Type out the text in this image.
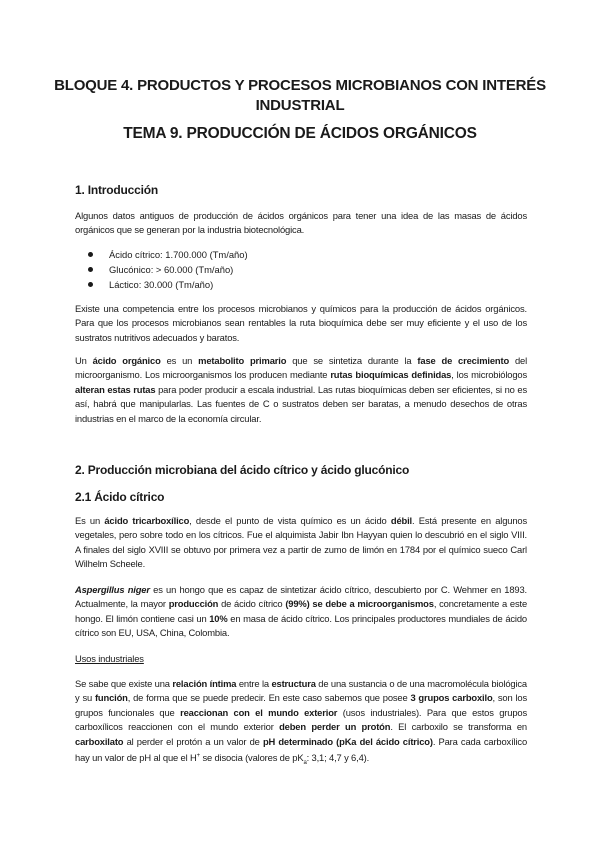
BLOQUE 4. PRODUCTOS Y PROCESOS MICROBIANOS CON INTERÉS INDUSTRIAL
TEMA 9. PRODUCCIÓN DE ÁCIDOS ORGÁNICOS
1. Introducción

Algunos datos antiguos de producción de ácidos orgánicos para tener una idea de las masas de ácidos orgánicos que se generan por la industria biotecnológica.

Ácido cítrico: 1.700.000 (Tm/año)
Glucónico: > 60.000 (Tm/año)
Láctico: 30.000 (Tm/año)

Existe una competencia entre los procesos microbianos y químicos para la producción de ácidos orgánicos. Para que los procesos microbianos sean rentables la ruta bioquímica debe ser muy eficiente y el uso de los sustratos nutritivos adecuados y baratos.

Un ácido orgánico es un metabolito primario que se sintetiza durante la fase de crecimiento del microorganismo. Los microorganismos los producen mediante rutas bioquímicas definidas, los microbiólogos alteran estas rutas para poder producir a escala industrial. Las rutas bioquímicas deben ser eficientes, si no es así, habrá que manipularlas. Las fuentes de C o sustratos deben ser baratas, a menudo desechos de otras industrias en el marco de la economía circular.

2. Producción microbiana del ácido cítrico y ácido glucónico
2.1 Ácido cítrico

Es un ácido tricarboxílico, desde el punto de vista químico es un ácido débil. Está presente en algunos vegetales, pero sobre todo en los cítricos. Fue el alquimista Jabir Ibn Hayyan quien lo descubrió en el siglo VIII. A finales del siglo XVIII se obtuvo por primera vez a partir de zumo de limón en 1784 por el químico sueco Carl Wilhelm Scheele.

Aspergillus niger es un hongo que es capaz de sintetizar ácido cítrico, descubierto por C. Wehmer en 1893. Actualmente, la mayor producción de ácido cítrico (99%) se debe a microorganismos, concretamente a este hongo. El limón contiene casi un 10% en masa de ácido cítrico. Los principales productores mundiales de ácido cítrico son EU, USA, China, Colombia.

Usos industriales

Se sabe que existe una relación íntima entre la estructura de una sustancia o de una macromolécula biológica y su función, de forma que se puede predecir. En este caso sabemos que posee 3 grupos carboxilo, son los grupos funcionales que reaccionan con el mundo exterior (usos industriales). Para que estos grupos carboxílicos reaccionen con el mundo exterior deben perder un protón. El carboxilo se transforma en carboxilato al perder el protón a un valor de pH determinado (pKa del ácido cítrico). Para cada carboxílico hay un valor de pH al que el H+ se disocia (valores de $pK_a$: 3,1; 4,7 y 6,4).
